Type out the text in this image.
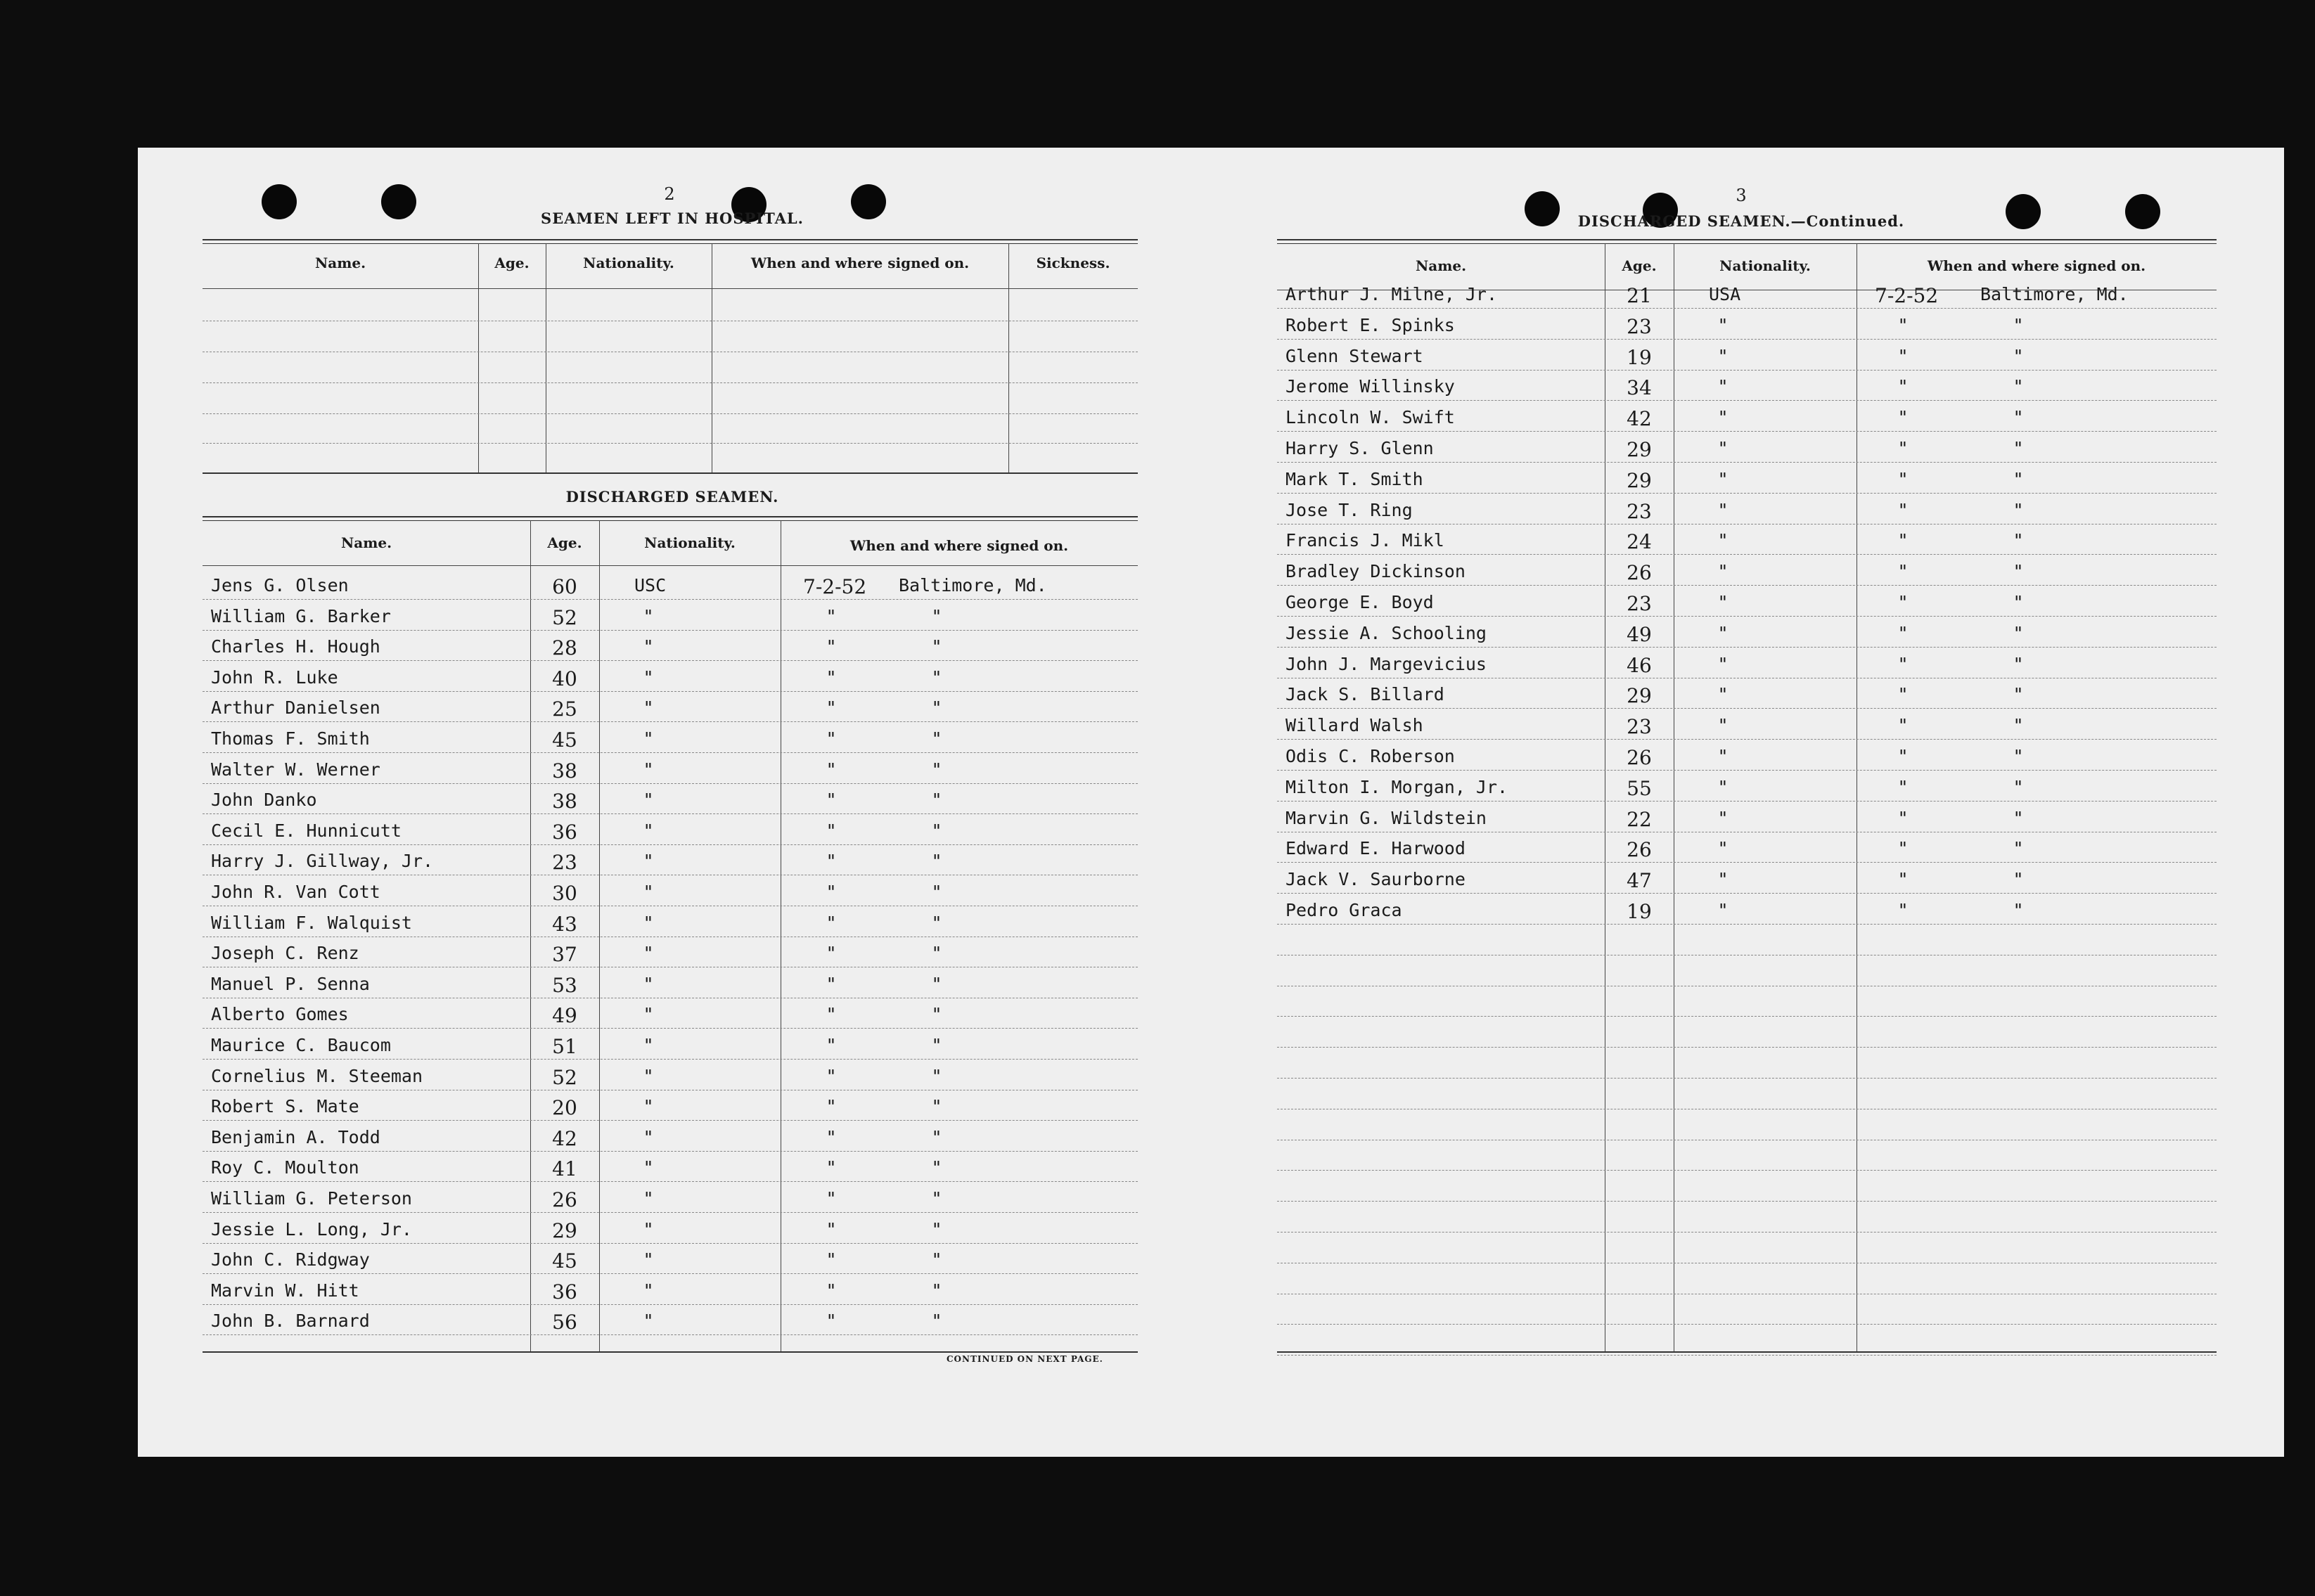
2
SEAMEN LEFT IN HOSPITAL.
Name.	Age.	Nationality.	When and where signed on.	Sickness.
DISCHARGED SEAMEN.
Name.	Age.	Nationality.	When and where signed on.
Jens G. Olsen	60	USC	7-2-52 Baltimore, Md.
William G. Barker	52	"	"	"
Charles H. Hough	28	"	"	"
John R. Luke	40	"	"	"
Arthur Danielsen	25	"	"	"
Thomas F. Smith	45	"	"	"
Walter W. Werner	38	"	"	"
John Danko	38	"	"	"
Cecil E. Hunnicutt	36	"	"	"
Harry J. Gillway, Jr.	23	"	"	"
John R. Van Cott	30	"	"	"
William F. Walquist	43	"	"	"
Joseph C. Renz	37	"	"	"
Manuel P. Senna	53	"	"	"
Alberto Gomes	49	"	"	"
Maurice C. Baucom	51	"	"	"
Cornelius M. Steeman	52	"	"	"
Robert S. Mate	20	"	"	"
Benjamin A. Todd	42	"	"	"
Roy C. Moulton	41	"	"	"
William G. Peterson	26	"	"	"
Jessie L. Long, Jr.	29	"	"	"
John C. Ridgway	45	"	"	"
Marvin W. Hitt	36	"	"	"
John B. Barnard	56	"	"	"
CONTINUED ON NEXT PAGE.
3
DISCHARGED SEAMEN.—Continued.
Name.	Age.	Nationality.	When and where signed on.
Arthur J. Milne, Jr.	21	USA	7-2-52 Baltimore, Md.
Robert E. Spinks	23	"	"	"
Glenn Stewart	19	"	"	"
Jerome Willinsky	34	"	"	"
Lincoln W. Swift	42	"	"	"
Harry S. Glenn	29	"	"	"
Mark T. Smith	29	"	"	"
Jose T. Ring	23	"	"	"
Francis J. Mikl	24	"	"	"
Bradley Dickinson	26	"	"	"
George E. Boyd	23	"	"	"
Jessie A. Schooling	49	"	"	"
John J. Margevicius	46	"	"	"
Jack S. Billard	29	"	"	"
Willard Walsh	23	"	"	"
Odis C. Roberson	26	"	"	"
Milton I. Morgan, Jr.	55	"	"	"
Marvin G. Wildstein	22	"	"	"
Edward E. Harwood	26	"	"	"
Jack V. Saurborne	47	"	"	"
Pedro Graca	19	"	"	"
